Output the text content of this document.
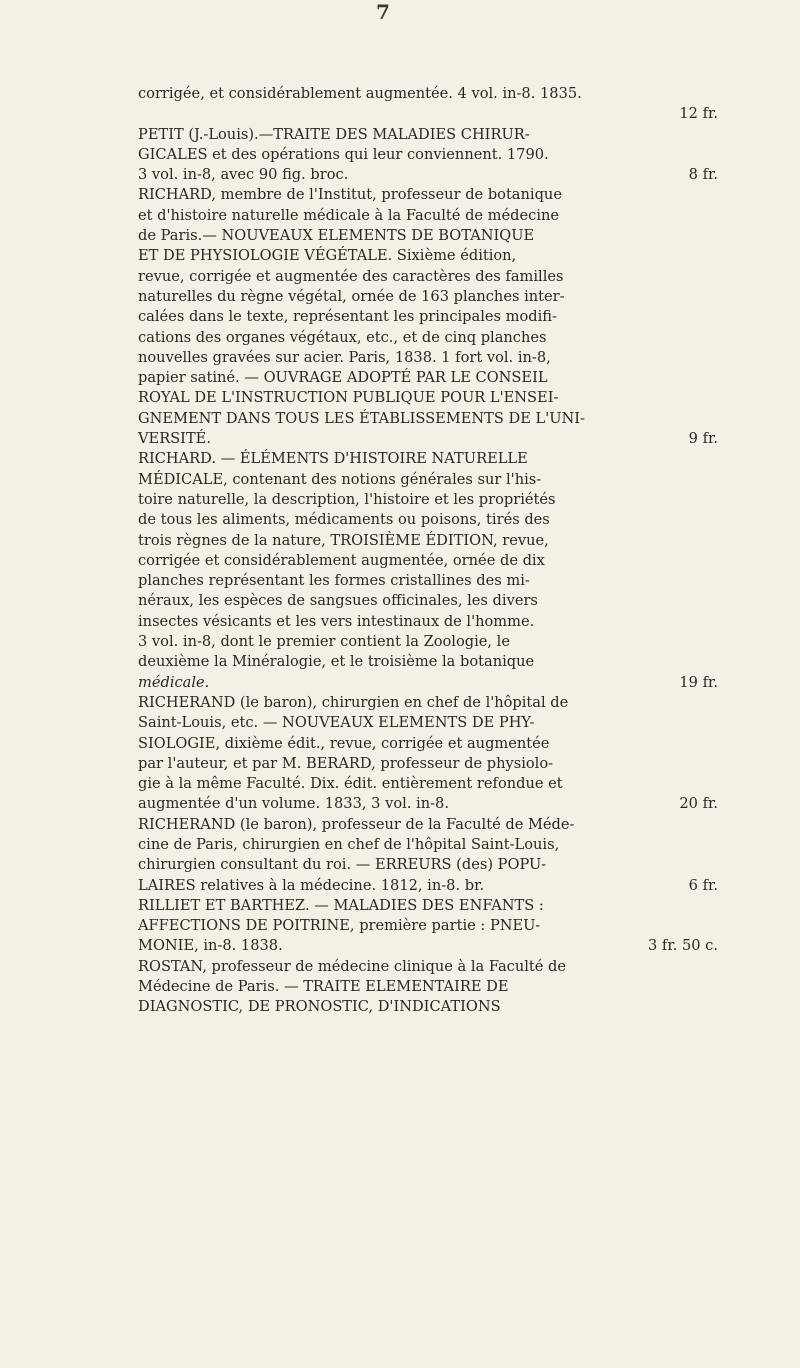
7
corrigée, et considérablement augmentée. 4 vol. in-8. 1835.
12 fr.
PETIT (J.-Louis).—TRAITE DES MALADIES CHIRUR-
GICALES et des opérations qui leur conviennent. 1790.
3 vol. in-8, avec 90 fig. broc.	8 fr.
RICHARD, membre de l'Institut, professeur de botanique
et d'histoire naturelle médicale à la Faculté de médecine
de Paris.— NOUVEAUX ELEMENTS DE BOTANIQUE
ET DE PHYSIOLOGIE VÉGÉTALE. Sixième édition,
revue, corrigée et augmentée des caractères des familles
naturelles du règne végétal, ornée de 163 planches inter-
calées dans le texte, représentant les principales modifi-
cations des organes végétaux, etc., et de cinq planches
nouvelles gravées sur acier. Paris, 1838. 1 fort vol. in-8,
papier satiné. — OUVRAGE ADOPTÉ PAR LE CONSEIL
ROYAL DE L'INSTRUCTION PUBLIQUE POUR L'ENSEI-
GNEMENT DANS TOUS LES ÉTABLISSEMENTS DE L'UNI-
VERSITÉ.	9 fr.
RICHARD. — ÉLÉMENTS D'HISTOIRE NATURELLE
MÉDICALE, contenant des notions générales sur l'his-
toire naturelle, la description, l'histoire et les propriétés
de tous les aliments, médicaments ou poisons, tirés des
trois règnes de la nature, TROISIÈME ÉDITION, revue,
corrigée et considérablement augmentée, ornée de dix
planches représentant les formes cristallines des mi-
néraux, les espèces de sangsues officinales, les divers
insectes vésicants et les vers intestinaux de l'homme.
3 vol. in-8, dont le premier contient la Zoologie, le
deuxième la Minéralogie, et le troisième la botanique
médicale.	19 fr.
RICHERAND (le baron), chirurgien en chef de l'hôpital de
Saint-Louis, etc. — NOUVEAUX ELEMENTS DE PHY-
SIOLOGIE, dixième édit., revue, corrigée et augmentée
par l'auteur, et par M. BERARD, professeur de physiolo-
gie à la même Faculté. Dix. édit. entièrement refondue et
augmentée d'un volume. 1833, 3 vol. in-8.	20 fr.
RICHERAND (le baron), professeur de la Faculté de Méde-
cine de Paris, chirurgien en chef de l'hôpital Saint-Louis,
chirurgien consultant du roi. — ERREURS (des) POPU-
LAIRES relatives à la médecine. 1812, in-8. br.	6 fr.
RILLIET ET BARTHEZ. — MALADIES DES ENFANTS :
AFFECTIONS DE POITRINE, première partie : PNEU-
MONIE, in-8. 1838.	3 fr. 50 c.
ROSTAN, professeur de médecine clinique à la Faculté de
Médecine de Paris. — TRAITE ELEMENTAIRE DE
DIAGNOSTIC, DE PRONOSTIC, D'INDICATIONS
